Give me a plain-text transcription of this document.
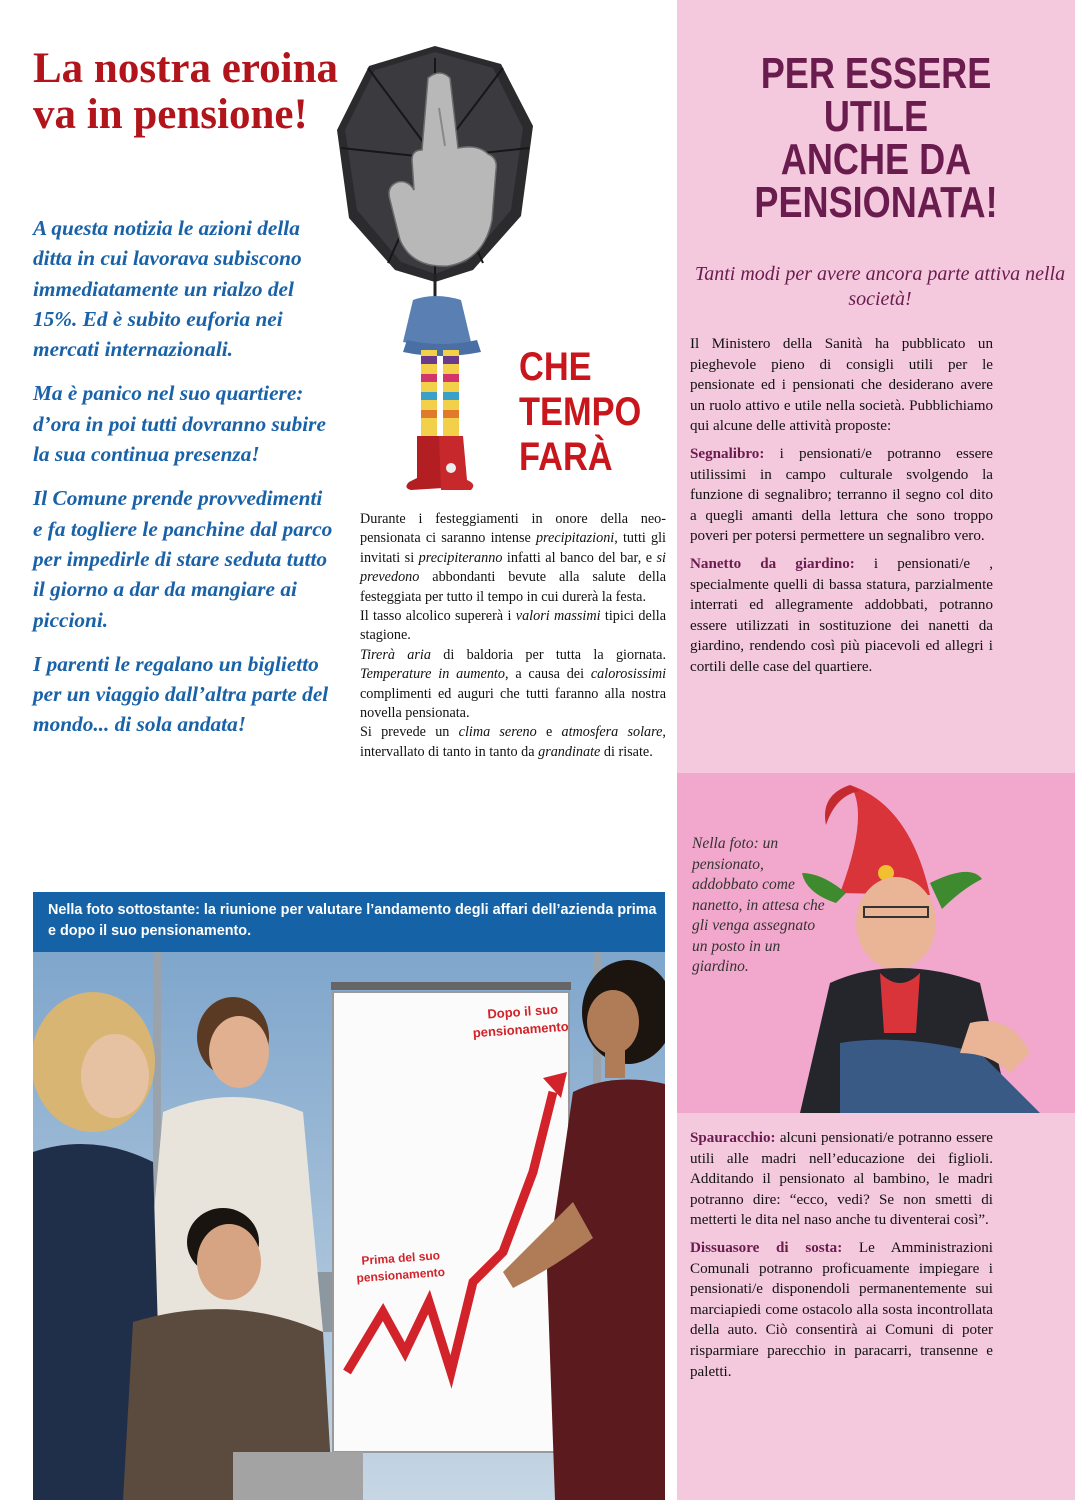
La nostra eroina va in pensione!

A questa notizia le azioni della ditta in cui lavorava subiscono immediatamente un rialzo del 15%. Ed è subito euforia nei mercati internazionali.

Ma è panico nel suo quartiere: d’ora in poi tutti dovranno subire la sua continua presenza!

Il Comune prende provvedimenti e fa togliere le panchine dal parco per impedirle di stare seduta tutto il giorno a dar da mangiare ai piccioni.

I parenti le regalano un biglietto per un viaggio dall’altra parte del mondo... di sola andata!

CHE
TEMPO
FARÀ

Durante i festeggiamenti in onore della neo-pensionata ci saranno intense precipitazioni, tutti gli invitati si precipiteranno infatti al banco del bar, e si prevedono abbondanti bevute alla salute della festeggiata per tutto il tempo in cui durerà la festa.

Il tasso alcolico supererà i valori massimi tipici della stagione.

Tirerà aria di baldoria per tutta la giornata. Temperature in aumento, a causa dei calorosissimi complimenti ed auguri che tutti faranno alla nostra novella pensionata.

Si prevede un clima sereno e atmosfera solare, intervallato di tanto in tanto da grandinate di risate.

Nella foto sottostante: la riunione per valutare l’andamento degli affari dell’azienda prima e dopo il suo pensionamento.
Dopo il suo
pensionamento
Prima del suo
pensionamento
PER ESSERE
UTILE
ANCHE DA
PENSIONATA!

Tanti modi per avere ancora parte attiva nella società!

Il Ministero della Sanità ha pubblicato un pieghevole pieno di consigli utili per le pensionate ed i pensionati che desiderano avere un ruolo attivo e utile nella società. Pubblichiamo qui alcune delle attività proposte:

Segnalibro: i pensionati/e potranno essere utilissimi in campo culturale svolgendo la funzione di segnalibro; terranno il segno col dito a quegli amanti della lettura che sono troppo poveri per potersi permettere un segnalibro vero.

Nanetto da giardino: i pensionati/e , specialmente quelli di bassa statura, parzialmente interrati ed allegramente addobbati, potranno essere utilizzati in sostituzione dei nanetti da giardino, rendendo così più piacevoli ed allegri i cortili delle case del quartiere.

Nella foto: un pensionato, addobbato come nanetto, in attesa che gli venga assegnato un posto in un giardino.

Spauracchio: alcuni pensionati/e potranno essere utili alle madri nell’educazione dei figlioli. Additando il pensionato al bambino, le madri potranno dire: “ecco, vedi? Se non smetti di metterti le dita nel naso anche tu diventerai così”.

Dissuasore di sosta: Le Amministrazioni Comunali potranno proficuamente impiegare i pensionati/e disponendoli permanentemente sui marciapiedi come ostacolo alla sosta incontrollata della auto. Ciò consentirà ai Comuni di poter risparmiare parecchio in paracarri, transenne e paletti.
